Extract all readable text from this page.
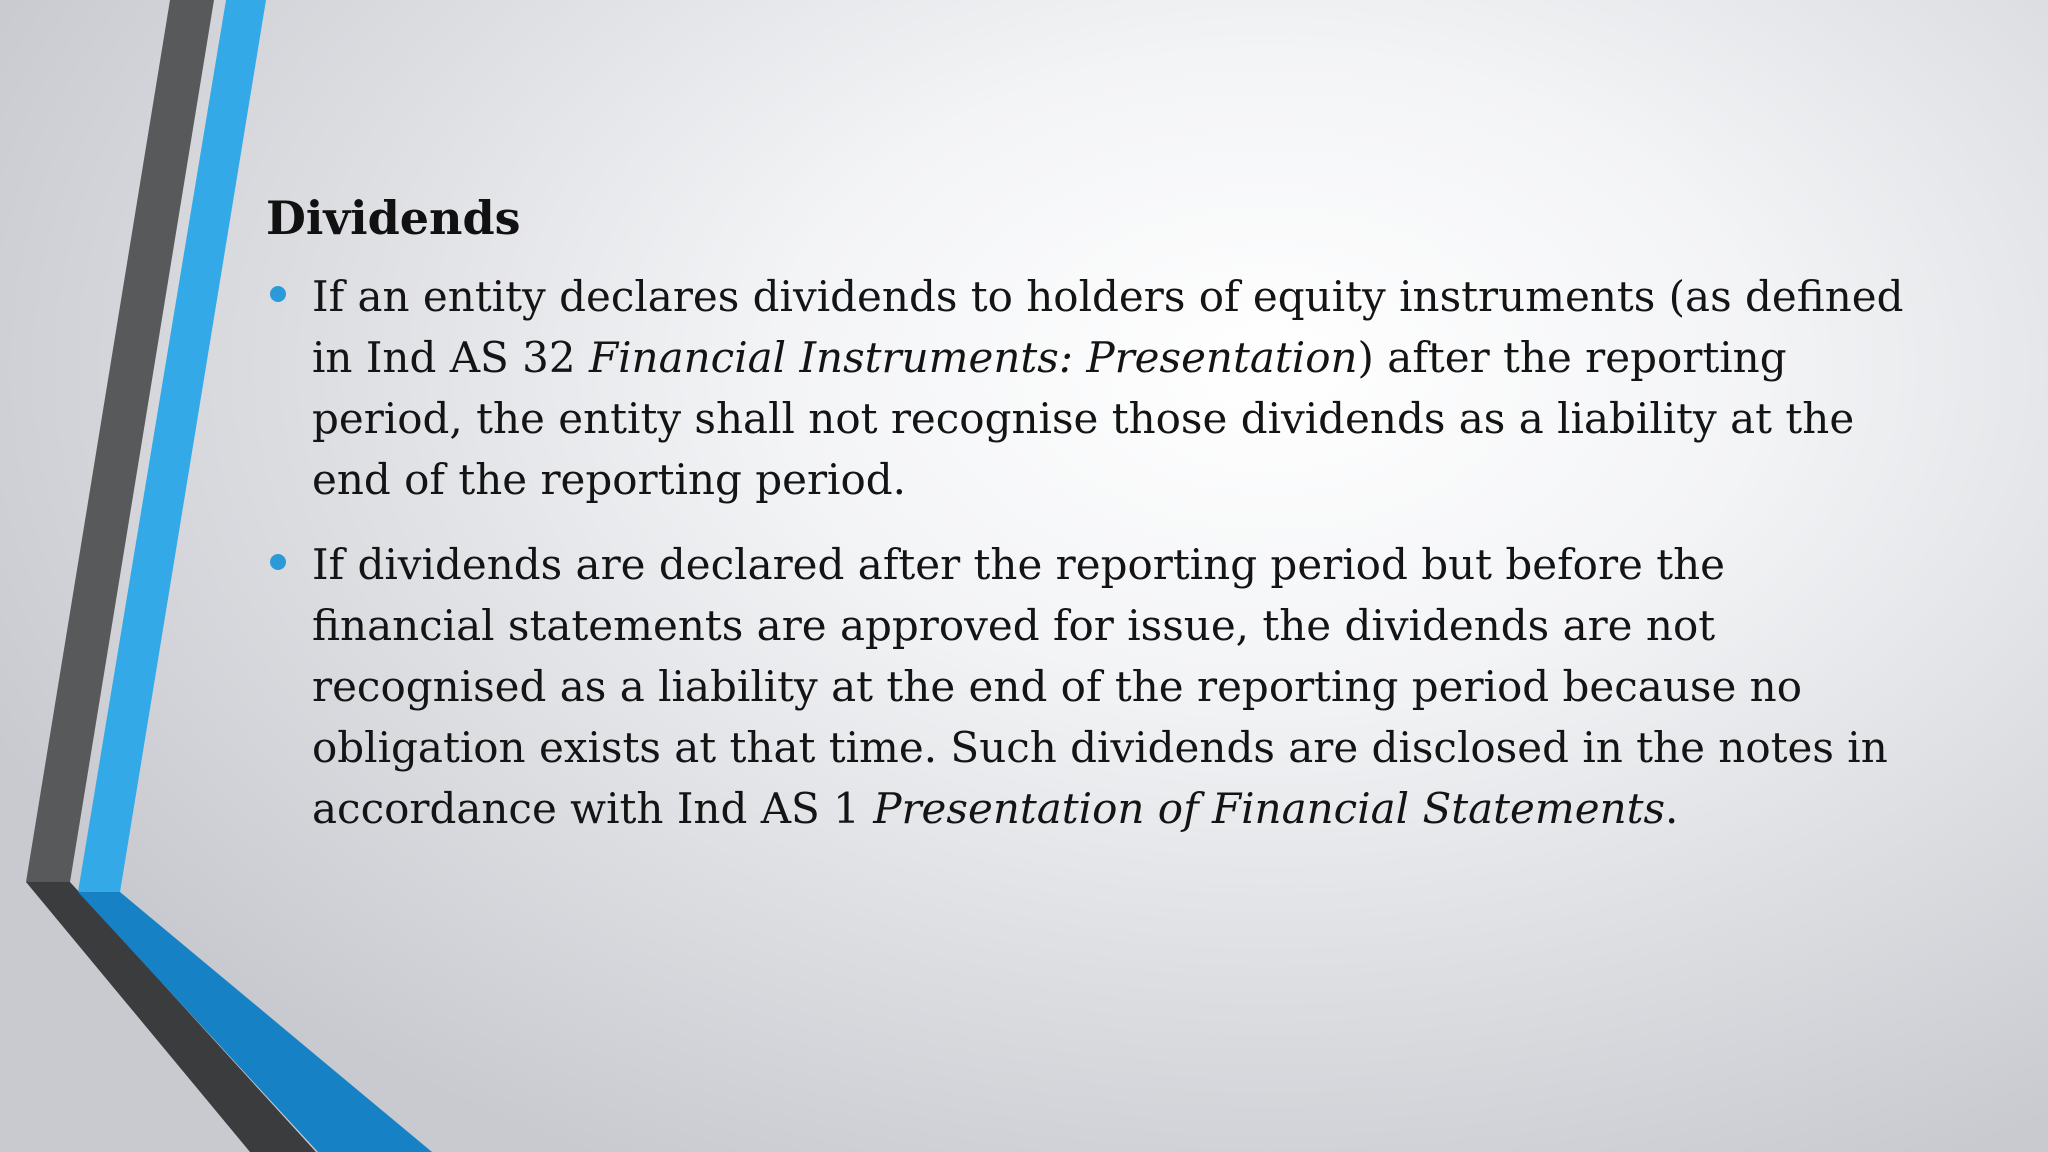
Dividends
If an entity declares dividends to holders of equity instruments (as defined in Ind AS 32 Financial Instruments: Presentation) after the reporting period, the entity shall not recognise those dividends as a liability at the end of the reporting period.
If dividends are declared after the reporting period but before the financial statements are approved for issue, the dividends are not recognised as a liability at the end of the reporting period because no obligation exists at that time. Such dividends are disclosed in the notes in accordance with Ind AS 1 Presentation of Financial Statements.
